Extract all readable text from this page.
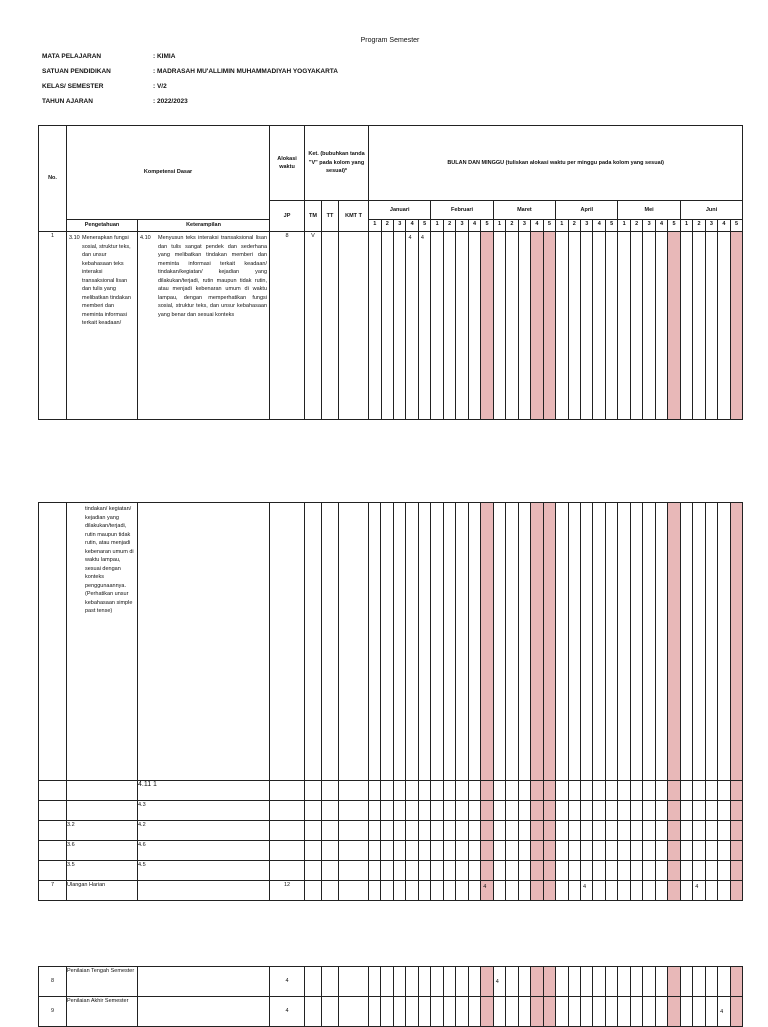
Program Semester
MATA PELAJARAN	: KIMIA
SATUAN PENDIDIKAN	: MADRASAH MU'ALLIMIN MUHAMMADIYAH YOGYAKARTA
KELAS/ SEMESTER	: V/2
TAHUN AJARAN	: 2022/2023
No.	Kompetensi Dasar		Alokasi waktu	Ket. (bubuhkan tanda "V" pada kolom yang sesuai)*			BULAN DAN MINGGU (tuliskan alokasi waktu per minggu pada kolom yang sesuai)																													
			JP	TM	TT	KMT T	Januari					Februari					Maret					April					Mei					Juni				
	Pengetahuan	Keterampilan					1	2	3	4	5	1	2	3	4	5	1	2	3	4	5	1	2	3	4	5	1	2	3	4	5	1	2	3	4	5
1	3.10 Menerapkan fungsi sosial, struktur teks, dan unsur kebahasaan teks interaksi transaksional lisan dan tulis yang melibatkan tindakan memberi dan meminta informasi terkait keadaan/	4.10 Menyusun teks interaksi transaksional lisan dan tulis sangat pendek dan sederhana yang melibatkan tindakan memberi dan meminta informasi terkait keadaan/ tindakan/kegiatan/ kejadian yang dilakukan/terjadi, rutin maupun tidak rutin, atau menjadi kebenaran umum di waktu lampau, dengan memperhatikan fungsi sosial, struktur teks, dan unsur kebahasaan yang benar dan sesuai konteks	8	V						4	4																									

	tindakan/ kegiatan/ kejadian yang dilakukan/terjadi, rutin maupun tidak rutin, atau menjadi kebenaran umum di waktu lampau, sesuai dengan konteks penggunaannya. (Perhatikan unsur kebahasaan simple past tense)																																			

		4.11 1																																		
		4.3																																		
	3.2	4.2																																		
	3.6	4.6																																		
	3.5	4.5																																		
7	Ulangan Harian		12													4								4									4			
8	Penilaian Tengah Semester		4														4																			
9	Penilaian Akhir Semester		4																																4	
